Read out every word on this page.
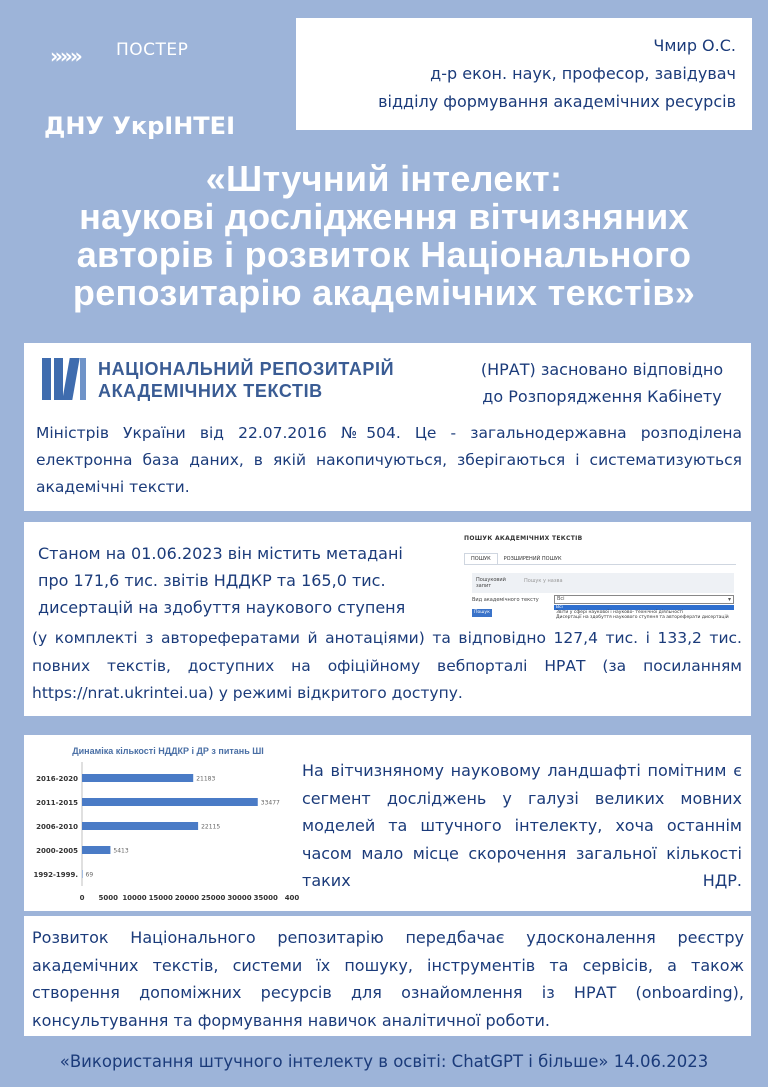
»»» ПОСТЕР
ДНУ УкрІНТЕІ
Чмир О.С.
д-р екон. наук, професор, завідувач
відділу формування академічних ресурсів
«Штучний інтелект:
наукові дослідження вітчизняних
авторів і розвиток Національного
репозитарію академічних текстів»
НАЦІОНАЛЬНИЙ РЕПОЗИТАРІЙ
АКАДЕМІЧНИХ ТЕКСТІВ
(НРАТ) засновано відповідно
до Розпорядження Кабінету
Міністрів України від 22.07.2016 №504. Це - загальнодержавна розподілена електронна база даних, в якій накопичуються, зберігаються і систематизуються академічні тексти.
Станом на 01.06.2023 він містить метадані
про 171,6 тис. звітів НДДКР та 165,0 тис.
дисертацій на здобуття наукового ступеня
ПОШУК АКАДЕМІЧНИХ ТЕКСТІВ
ПОШУК	РОЗШИРЕНИЙ ПОШУК
Пошуковий запит
Пошук у назва
Вид академічного тексту	Всі ▾
Всі
Звіти у сфері наукової і науково- технічної діяльності
Дисертації на здобуття наукового ступеня та автореферати дисертацій
Пошук
(у комплекті з авторефератами й анотаціями) та відповідно 127,4 тис. і 133,2 тис. повних текстів, доступних на офіційному вебпорталі НРАТ (за посиланням https://nrat.ukrintei.ua) у режимі відкритого доступу.
Динаміка кількості НДДКР і ДР з питань ШІ
2016-2020	21183
2011-2015	33477
2006-2010	22115
2000-2005	5413
1992-1999. 69
0 5000 10000 15000 20000 25000 30000 35000 400
На вітчизняному науковому ландшафті помітним є сегмент досліджень у галузі великих мовних моделей та штучного інтелекту, хоча останнім часом мало місце скорочення загальної кількості таких НДР.
Розвиток Національного репозитарію передбачає удосконалення реєстру академічних текстів, системи їх пошуку, інструментів та сервісів, а також створення допоміжних ресурсів для ознайомлення із НРАТ (onboarding), консультування та формування навичок аналітичної роботи.
«Використання штучного інтелекту в освіті: ChatGPT і більше» 14.06.2023
